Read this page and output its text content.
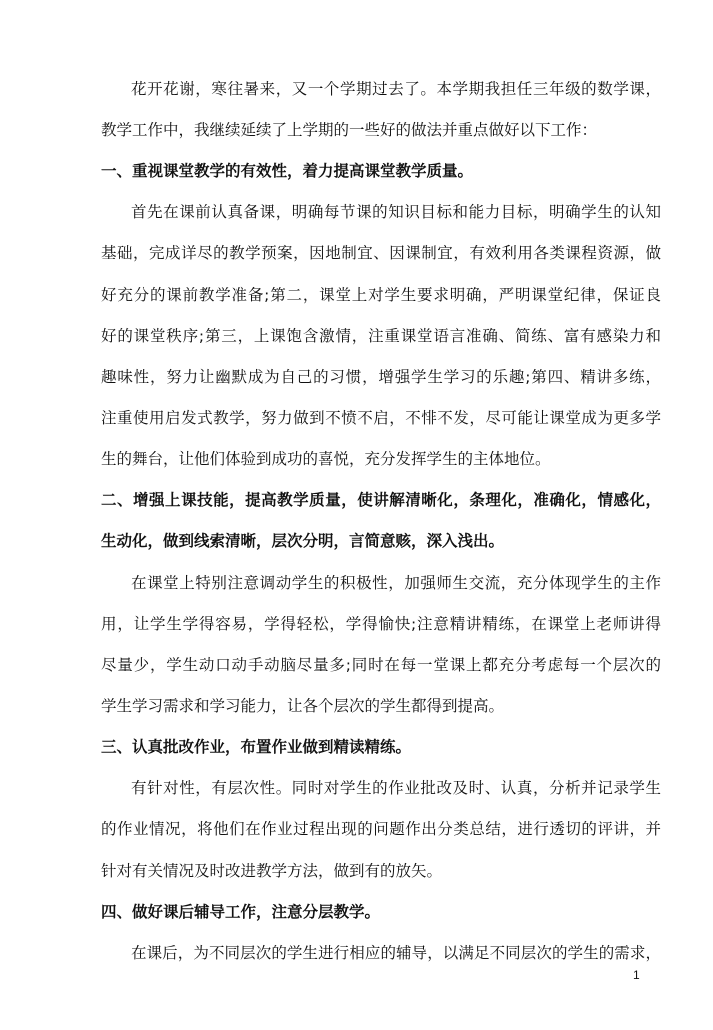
花开花谢，寒往暑来，又一个学期过去了。本学期我担任三年级的数学课，
教学工作中，我继续延续了上学期的一些好的做法并重点做好以下工作：
一、重视课堂教学的有效性，着力提高课堂教学质量。
首先在课前认真备课，明确每节课的知识目标和能力目标，明确学生的认知
基础，完成详尽的教学预案，因地制宜、因课制宜，有效利用各类课程资源，做
好充分的课前教学准备;第二，课堂上对学生要求明确，严明课堂纪律，保证良
好的课堂秩序;第三，上课饱含激情，注重课堂语言准确、简练、富有感染力和
趣味性，努力让幽默成为自己的习惯，增强学生学习的乐趣;第四、精讲多练，
注重使用启发式教学，努力做到不愤不启，不悱不发，尽可能让课堂成为更多学
生的舞台，让他们体验到成功的喜悦，充分发挥学生的主体地位。
二、增强上课技能，提高教学质量，使讲解清晰化，条理化，准确化，情感化，
生动化，做到线索清晰，层次分明，言简意赅，深入浅出。
在课堂上特别注意调动学生的积极性，加强师生交流，充分体现学生的主作
用，让学生学得容易，学得轻松，学得愉快;注意精讲精练，在课堂上老师讲得
尽量少，学生动口动手动脑尽量多;同时在每一堂课上都充分考虑每一个层次的
学生学习需求和学习能力，让各个层次的学生都得到提高。
三、认真批改作业，布置作业做到精读精练。
有针对性，有层次性。同时对学生的作业批改及时、认真，分析并记录学生
的作业情况，将他们在作业过程出现的问题作出分类总结，进行透切的评讲，并
针对有关情况及时改进教学方法，做到有的放矢。
四、做好课后辅导工作，注意分层教学。
在课后，为不同层次的学生进行相应的辅导，以满足不同层次的学生的需求，
1
